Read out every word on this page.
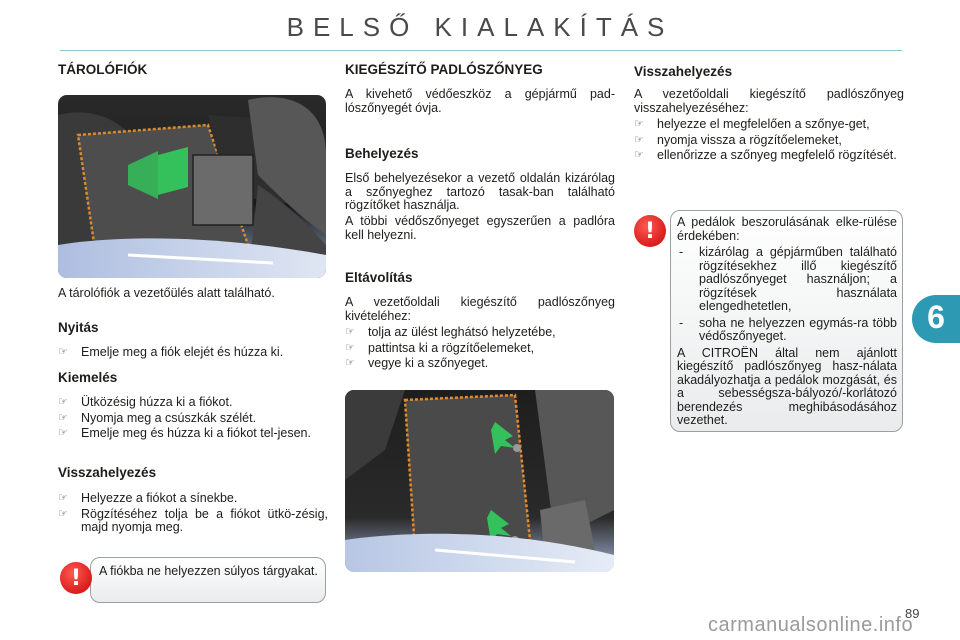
BELSŐ KIALAKÍTÁS
TÁROLÓFIÓK

A tárolófiók a vezetőülés alatt található.

Nyitás
☞ Emelje meg a fiók elejét és húzza ki.
Kiemelés
☞ Ütközésig húzza ki a fiókot.
☞ Nyomja meg a csúszkák szélét.
☞ Emelje meg és húzza ki a fiókot tel-jesen.
Visszahelyezés
☞ Helyezze a fiókot a sínekbe.
☞ Rögzítéséhez tolja be a fiókot ütkö-zésig, majd nyomja meg.
!	A fiókba ne helyezzen súlyos tárgyakat.

KIEGÉSZÍTŐ PADLÓSZŐNYEG

A kivehető védőeszköz a gépjármű pad-lószőnyegét óvja.

Behelyezés

Első behelyezésekor a vezető oldalán kizárólag a szőnyeghez tartozó tasak-ban található rögzítőket használja.

A többi védőszőnyeget egyszerűen a padlóra kell helyezni.

Eltávolítás

A vezetőoldali kiegészítő padlószőnyeg kivételéhez:

☞ tolja az ülést leghátsó helyzetébe,
☞ pattintsa ki a rögzítőelemeket,
☞ vegye ki a szőnyeget.
Visszahelyezés

A vezetőoldali kiegészítő padlószőnyeg visszahelyezéséhez:

☞ helyezze el megfelelően a szőnye-get,
☞ nyomja vissza a rögzítőelemeket,
☞ ellenőrizze a szőnyeg megfelelő rögzítését.
!	A pedálok beszorulásának elke-rülése érdekében:

- kizárólag a gépjárműben található rögzítésekhez illő kiegészítő padlószőnyeget használjon; a rögzítések használata elengedhetetlen,
- soha ne helyezzen egymás-ra több védőszőnyeget.

A CITROËN által nem ajánlott kiegészítő padlószőnyeg hasz-nálata akadályozhatja a pedálok mozgását, és a sebességsza-bályozó/-korlátozó berendezés meghibásodásához vezethet.

6
89
carmanualsonline.info
